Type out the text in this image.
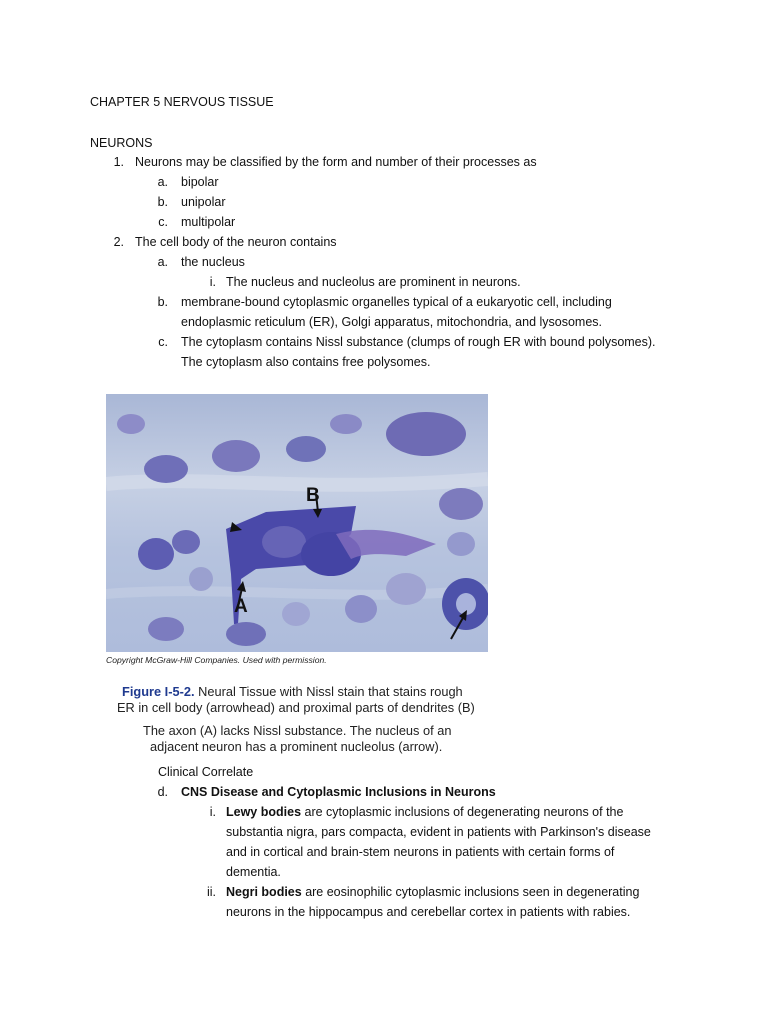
CHAPTER 5 NERVOUS TISSUE
NEURONS
1. Neurons may be classified by the form and number of their processes as
a. bipolar
b. unipolar
c. multipolar
2. The cell body of the neuron contains
a. the nucleus
i. The nucleus and nucleolus are prominent in neurons.
b. membrane-bound cytoplasmic organelles typical of a eukaryotic cell, including
endoplasmic reticulum (ER), Golgi apparatus, mitochondria, and lysosomes.
c. The cytoplasm contains Nissl substance (clumps of rough ER with bound polysomes).
The cytoplasm also contains free polysomes.
B
A
Copyright McGraw-Hill Companies. Used with permission.
Figure I-5-2. Neural Tissue with Nissl stain that stains rough
ER in cell body (arrowhead) and proximal parts of dendrites (B)
The axon (A) lacks Nissl substance. The nucleus of an
adjacent neuron has a prominent nucleolus (arrow).
Clinical Correlate
d. CNS Disease and Cytoplasmic Inclusions in Neurons
i. Lewy bodies are cytoplasmic inclusions of degenerating neurons of the
substantia nigra, pars compacta, evident in patients with Parkinson's disease
and in cortical and brain-stem neurons in patients with certain forms of
dementia.
ii. Negri bodies are eosinophilic cytoplasmic inclusions seen in degenerating
neurons in the hippocampus and cerebellar cortex in patients with rabies.
